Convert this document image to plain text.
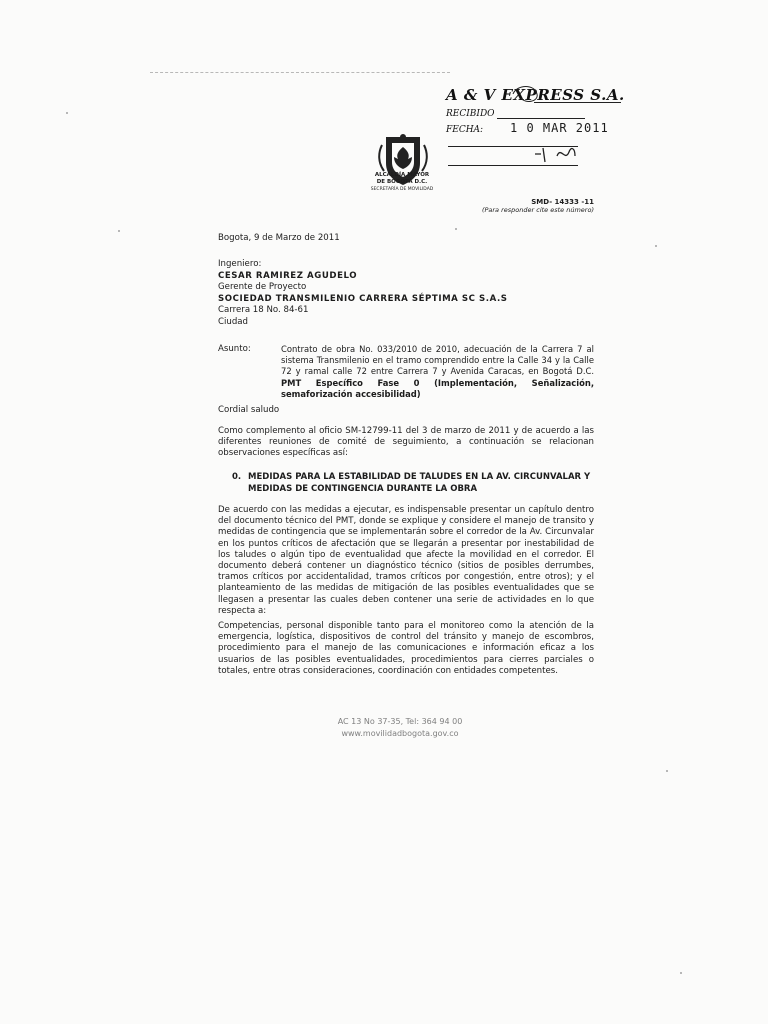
A & V EXPRESS S.A.
RECIBIDO
FECHA: 1 0 MAR 2011
ALCALDÍA MAYOR
DE BOGOTÁ D.C.
SECRETARÍA DE MOVILIDAD
SMD- 14333 -11
(Para responder cite este número)
Bogota, 9 de Marzo de 2011
Ingeniero:
CESAR RAMIREZ AGUDELO
Gerente de Proyecto
SOCIEDAD TRANSMILENIO CARRERA SÉPTIMA SC S.A.S
Carrera 18 No. 84-61
Ciudad
Asunto:	Contrato de obra No. 033/2010 de 2010, adecuación de la Carrera 7 al sistema Transmilenio en el tramo comprendido entre la Calle 34 y la Calle 72 y ramal calle 72 entre Carrera 7 y Avenida Caracas, en Bogotá D.C. PMT Específico Fase 0 (Implementación, Señalización, semaforización accesibilidad)
Cordial saludo
Como complemento al oficio SM-12799-11 del 3 de marzo de 2011 y de acuerdo a las diferentes reuniones de comité de seguimiento, a continuación se relacionan observaciones específicas así:
0. MEDIDAS PARA LA ESTABILIDAD DE TALUDES EN LA AV. CIRCUNVALAR Y
MEDIDAS DE CONTINGENCIA DURANTE LA OBRA
De acuerdo con las medidas a ejecutar, es indispensable presentar un capítulo dentro del documento técnico del PMT, donde se explique y considere el manejo de transito y medidas de contingencia que se implementarán sobre el corredor de la Av. Circunvalar en los puntos críticos de afectación que se llegarán a presentar por inestabilidad de los taludes o algún tipo de eventualidad que afecte la movilidad en el corredor. El documento deberá contener un diagnóstico técnico (sitios de posibles derrumbes, tramos críticos por accidentalidad, tramos críticos por congestión, entre otros); y el planteamiento de las medidas de mitigación de las posibles eventualidades que se llegasen a presentar las cuales deben contener una serie de actividades en lo que respecta a:
Competencias, personal disponible tanto para el monitoreo como la atención de la emergencia, logística, dispositivos de control del tránsito y manejo de escombros, procedimiento para el manejo de las comunicaciones e información eficaz a los usuarios de las posibles eventualidades, procedimientos para cierres parciales o totales, entre otras consideraciones, coordinación con entidades competentes.
AC 13 No 37-35, Tel: 364 94 00
www.movilidadbogota.gov.co
